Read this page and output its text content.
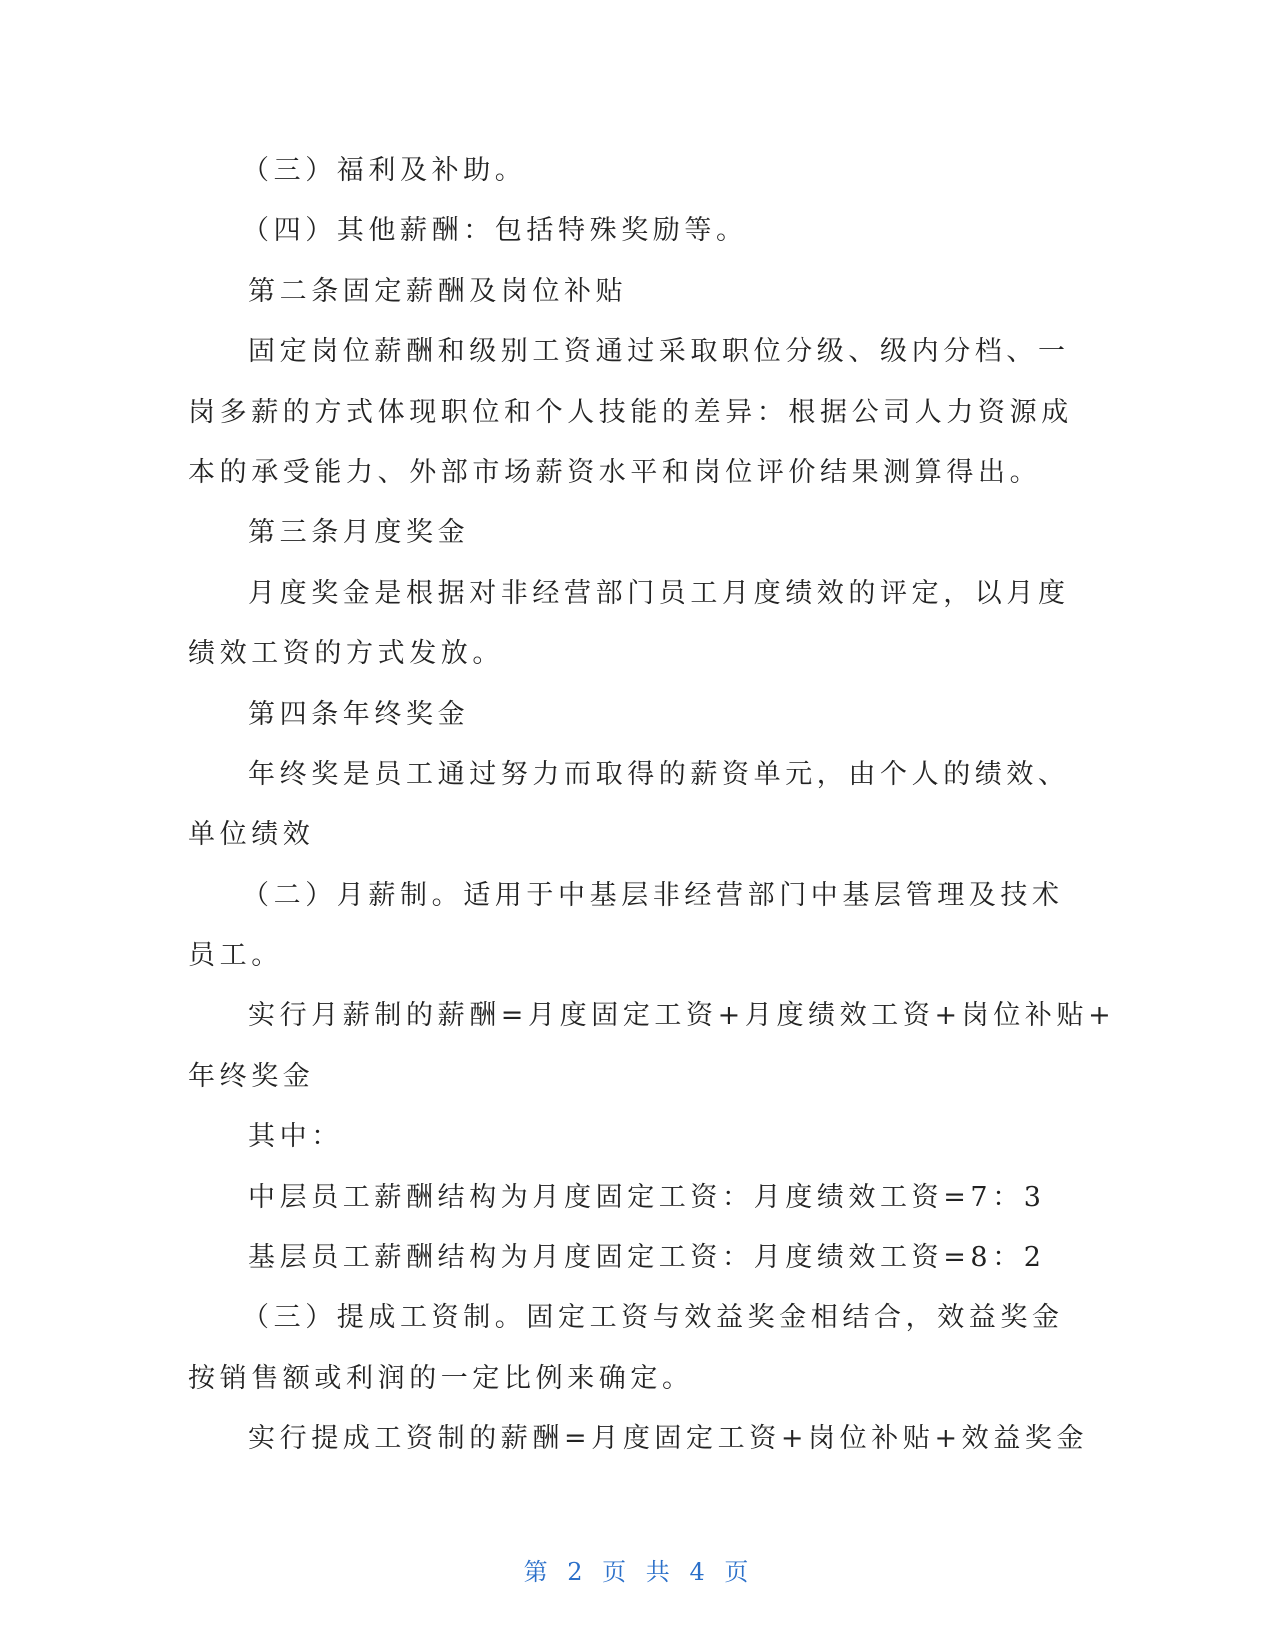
（三）福利及补助。
（四）其他薪酬：包括特殊奖励等。
第二条固定薪酬及岗位补贴
固定岗位薪酬和级别工资通过采取职位分级、级内分档、一
岗多薪的方式体现职位和个人技能的差异：根据公司人力资源成
本的承受能力、外部市场薪资水平和岗位评价结果测算得出。
第三条月度奖金
月度奖金是根据对非经营部门员工月度绩效的评定，以月度
绩效工资的方式发放。
第四条年终奖金
年终奖是员工通过努力而取得的薪资单元，由个人的绩效、
单位绩效
（二）月薪制。适用于中基层非经营部门中基层管理及技术
员工。
实行月薪制的薪酬=月度固定工资+月度绩效工资+岗位补贴+
年终奖金
其中：
中层员工薪酬结构为月度固定工资：月度绩效工资=7：3
基层员工薪酬结构为月度固定工资：月度绩效工资=8：2
（三）提成工资制。固定工资与效益奖金相结合，效益奖金
按销售额或利润的一定比例来确定。
实行提成工资制的薪酬=月度固定工资+岗位补贴+效益奖金
第 2 页 共 4 页
